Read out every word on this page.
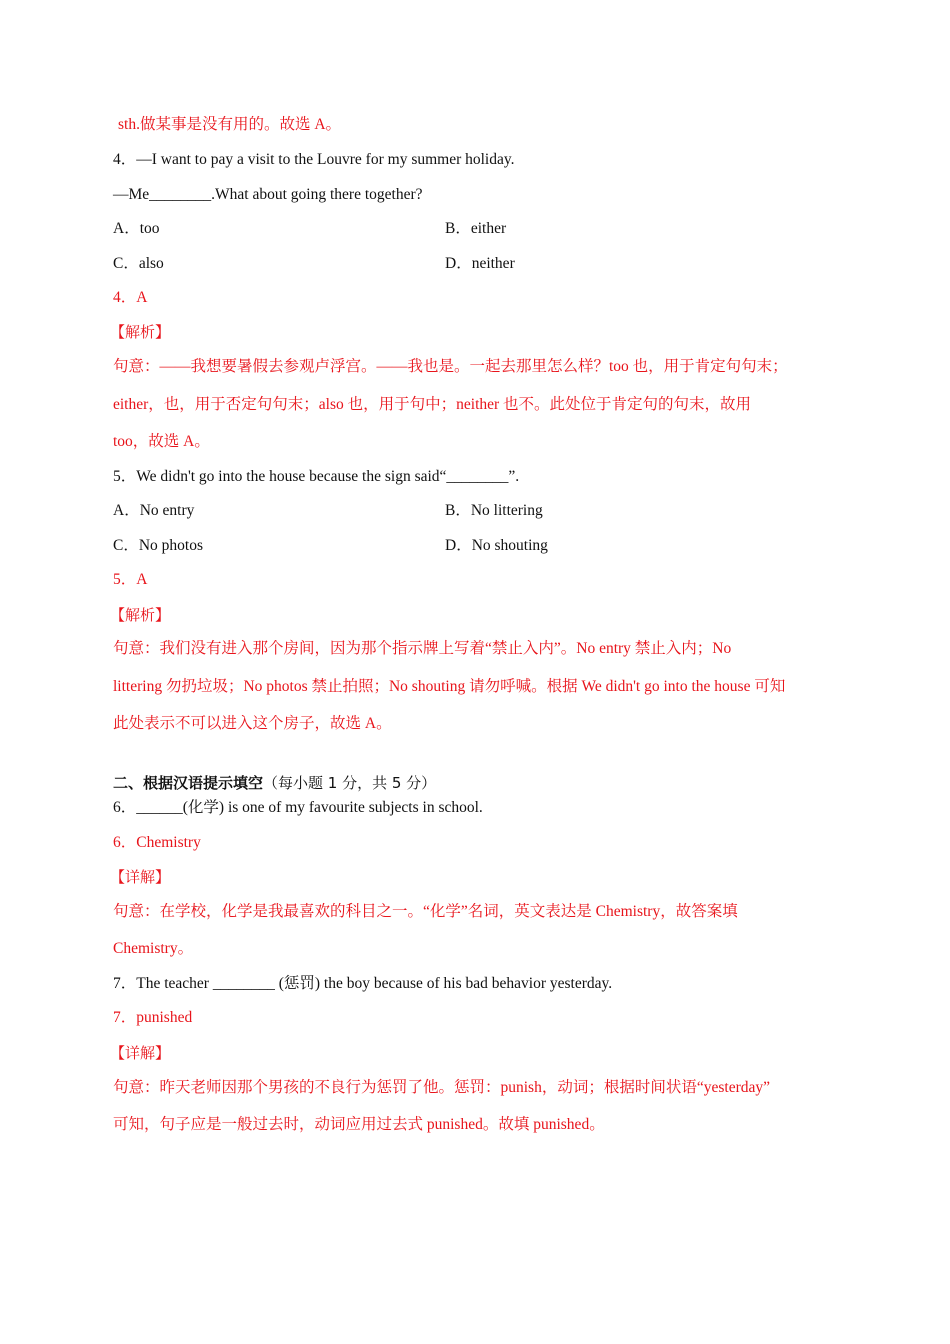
sth.做某事是没有用的。故选 A。
4．—I want to pay a visit to the Louvre for my summer holiday.
—Me________.What about going there together?
A．too	B．either
C．also	D．neither
4．A
【解析】
句意：——我想要暑假去参观卢浮宫。——我也是。一起去那里怎么样？too 也，用于肯定句句末；
either，也，用于否定句句末；also 也，用于句中；neither 也不。此处位于肯定句的句末，故用
too，故选 A。
5．We didn't go into the house because the sign said“________”.
A．No entry	B．No littering
C．No photos	D．No shouting
5．A
【解析】
句意：我们没有进入那个房间，因为那个指示牌上写着“禁止入内”。No entry 禁止入内；No
littering 勿扔垃圾；No photos 禁止拍照；No shouting 请勿呼喊。根据 We didn't go into the house 可知
此处表示不可以进入这个房子，故选 A。
二、根据汉语提示填空（每小题 1 分，共 5 分）
6．______(化学) is one of my favourite subjects in school.
6．Chemistry
【详解】
句意：在学校，化学是我最喜欢的科目之一。“化学”名词，英文表达是 Chemistry，故答案填
Chemistry。
7．The teacher ________ (惩罚) the boy because of his bad behavior yesterday.
7．punished
【详解】
句意：昨天老师因那个男孩的不良行为惩罚了他。惩罚：punish，动词；根据时间状语“yesterday”
可知，句子应是一般过去时，动词应用过去式 punished。故填 punished。
